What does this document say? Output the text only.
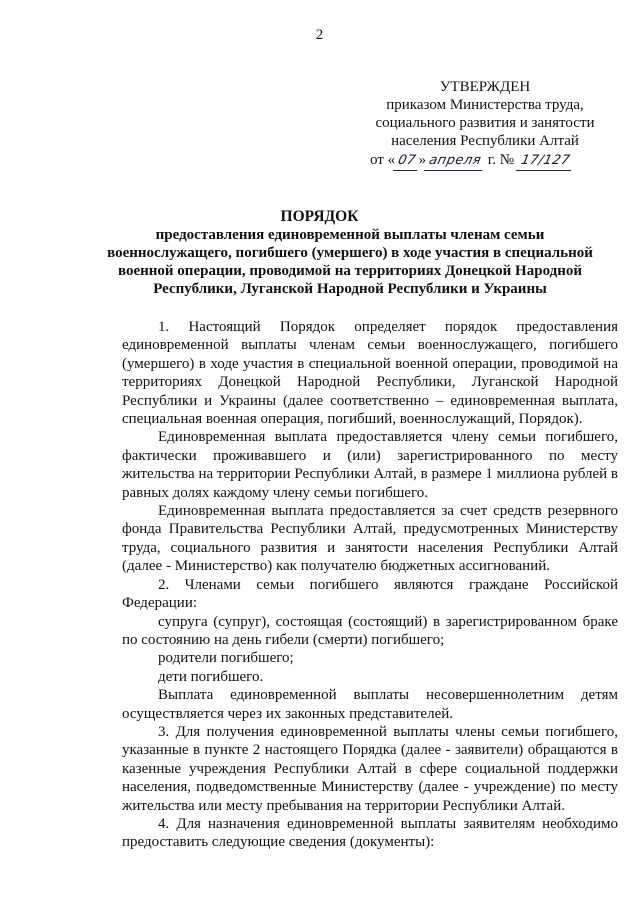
2
УТВЕРЖДЕН
приказом Министерства труда,
социального развития и занятости
населения Республики Алтай
от « 07» апреля г. № 17/127
ПОРЯДОК
предоставления единовременной выплаты членам семьи военнослужащего, погибшего (умершего) в ходе участия в специальной военной операции, проводимой на территориях Донецкой Народной Республики, Луганской Народной Республики и Украины

1. Настоящий Порядок определяет порядок предоставления единовременной выплаты членам семьи военнослужащего, погибшего (умершего) в ходе участия в специальной военной операции, проводимой на территориях Донецкой Народной Республики, Луганской Народной Республики и Украины (далее соответственно – единовременная выплата, специальная военная операция, погибший, военнослужащий, Порядок).

Единовременная выплата предоставляется члену семьи погибшего, фактически проживавшего и (или) зарегистрированного по месту жительства на территории Республики Алтай, в размере 1 миллиона рублей в равных долях каждому члену семьи погибшего.

Единовременная выплата предоставляется за счет средств резервного фонда Правительства Республики Алтай, предусмотренных Министерству труда, социального развития и занятости населения Республики Алтай (далее - Министерство) как получателю бюджетных ассигнований.

2. Членами семьи погибшего являются граждане Российской Федерации:

супруга (супруг), состоящая (состоящий) в зарегистрированном браке по состоянию на день гибели (смерти) погибшего;

родители погибшего;

дети погибшего.

Выплата единовременной выплаты несовершеннолетним детям осуществляется через их законных представителей.

3. Для получения единовременной выплаты члены семьи погибшего, указанные в пункте 2 настоящего Порядка (далее - заявители) обращаются в казенные учреждения Республики Алтай в сфере социальной поддержки населения, подведомственные Министерству (далее - учреждение) по месту жительства или месту пребывания на территории Республики Алтай.

4. Для назначения единовременной выплаты заявителям необходимо предоставить следующие сведения (документы):
